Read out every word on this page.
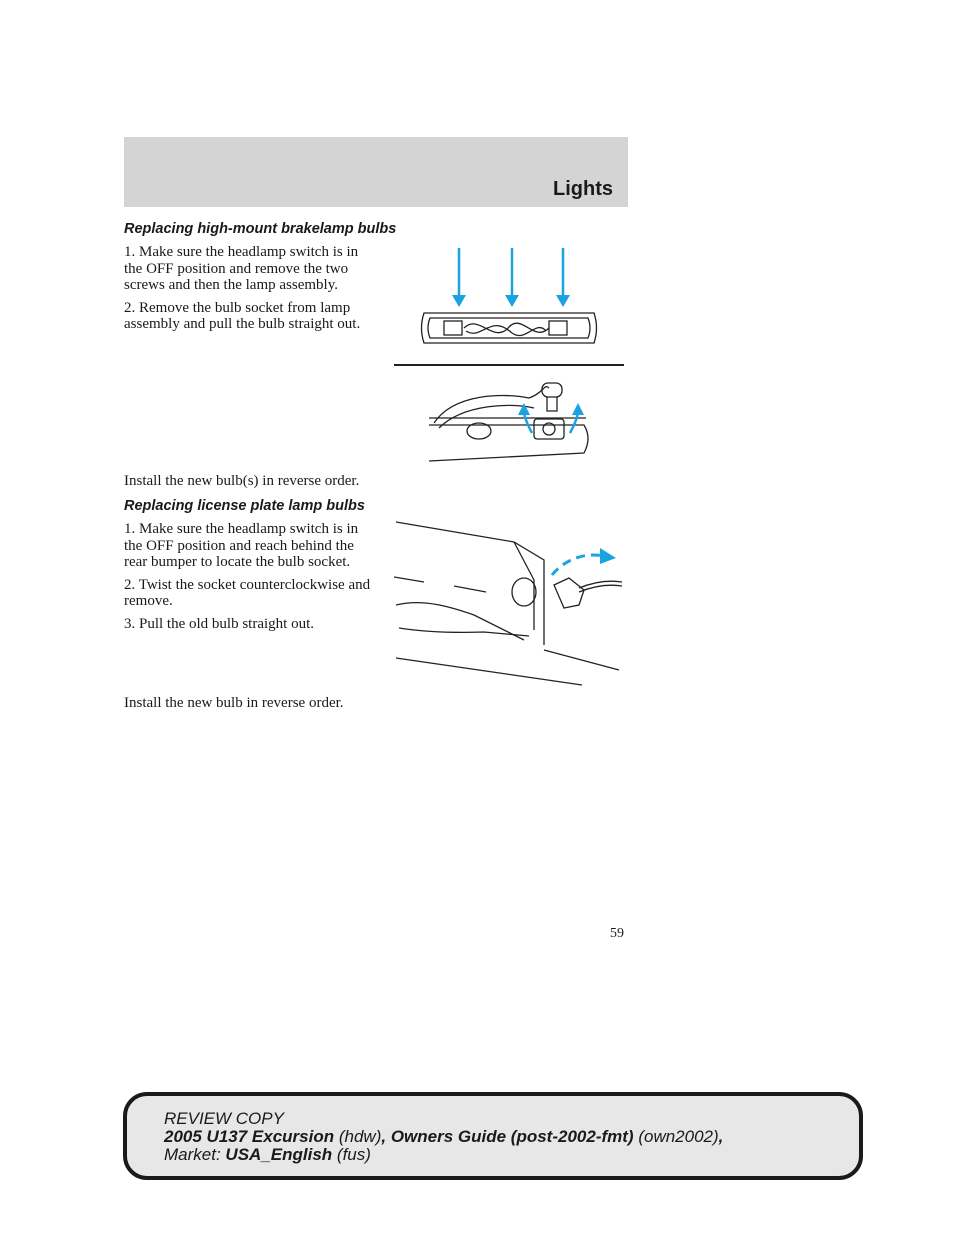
Lights
Replacing high-mount brakelamp bulbs

1. Make sure the headlamp switch is in the OFF position and remove the two screws and then the lamp assembly.

2. Remove the bulb socket from lamp assembly and pull the bulb straight out.

Install the new bulb(s) in reverse order.
Replacing license plate lamp bulbs

1. Make sure the headlamp switch is in the OFF position and reach behind the rear bumper to locate the bulb socket.

2. Twist the socket counterclockwise and remove.

3. Pull the old bulb straight out.

Install the new bulb in reverse order.
59
REVIEW COPY
2005 U137 Excursion (hdw), Owners Guide (post-2002-fmt) (own2002),
Market: USA_English (fus)
